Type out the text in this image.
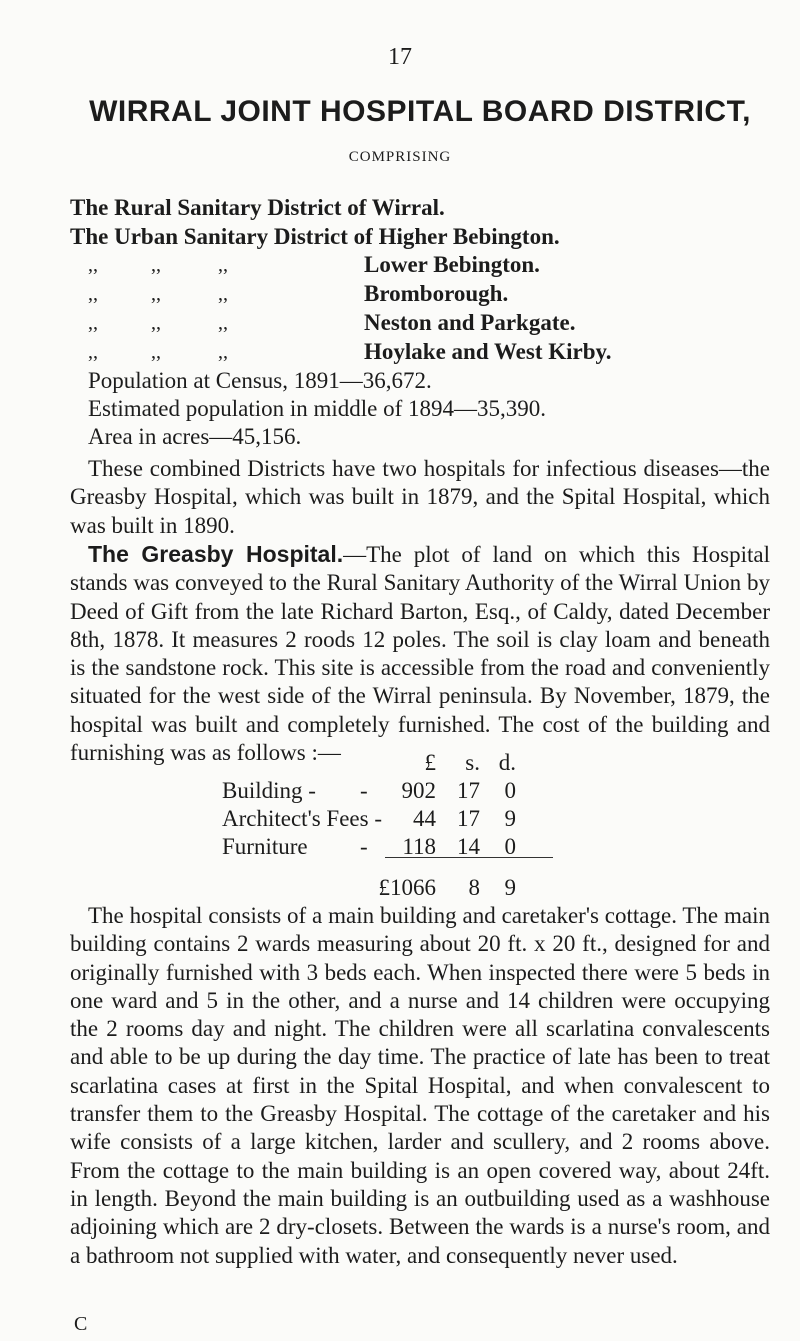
17
WIRRAL JOINT HOSPITAL BOARD DISTRICT,
COMPRISING
The Rural Sanitary District of Wirral.
The Urban Sanitary District of Higher Bebington.
,,	,,	,,	Lower Bebington.
,,	,,	,,	Bromborough.
,,	,,	,,	Neston and Parkgate.
,,	,,	,,	Hoylake and West Kirby.
Population at Census, 1891—36,672.
Estimated population in middle of 1894—35,390.
Area in acres—45,156.

These combined Districts have two hospitals for infectious diseases—the Greasby Hospital, which was built in 1879, and the Spital Hospital, which was built in 1890.

The Greasby Hospital.—The plot of land on which this Hospital stands was conveyed to the Rural Sanitary Authority of the Wirral Union by Deed of Gift from the late Richard Barton, Esq., of Caldy, dated December 8th, 1878. It measures 2 roods 12 poles. The soil is clay loam and beneath is the sandstone rock. This site is accessible from the road and conveniently situated for the west side of the Wirral peninsula. By November, 1879, the hospital was built and completely furnished. The cost of the building and furnishing was as follows :—	£	s. d.
Building - - 902 17	0
Architect's Fees -	44 17	9
Furniture - 118 14	0
£1066	8	9

The hospital consists of a main building and caretaker's cottage. The main building contains 2 wards measuring about 20 ft. x 20 ft., designed for and originally furnished with 3 beds each. When inspected there were 5 beds in one ward and 5 in the other, and a nurse and 14 children were occupying the 2 rooms day and night. The children were all scarlatina convalescents and able to be up during the day time. The practice of late has been to treat scarlatina cases at first in the Spital Hospital, and when convalescent to transfer them to the Greasby Hospital. The cottage of the caretaker and his wife consists of a large kitchen, larder and scullery, and 2 rooms above. From the cottage to the main building is an open covered way, about 24ft. in length. Beyond the main building is an outbuilding used as a washhouse adjoining which are 2 dry-closets. Between the wards is a nurse's room, and a bathroom not supplied with water, and consequently never used.

C
